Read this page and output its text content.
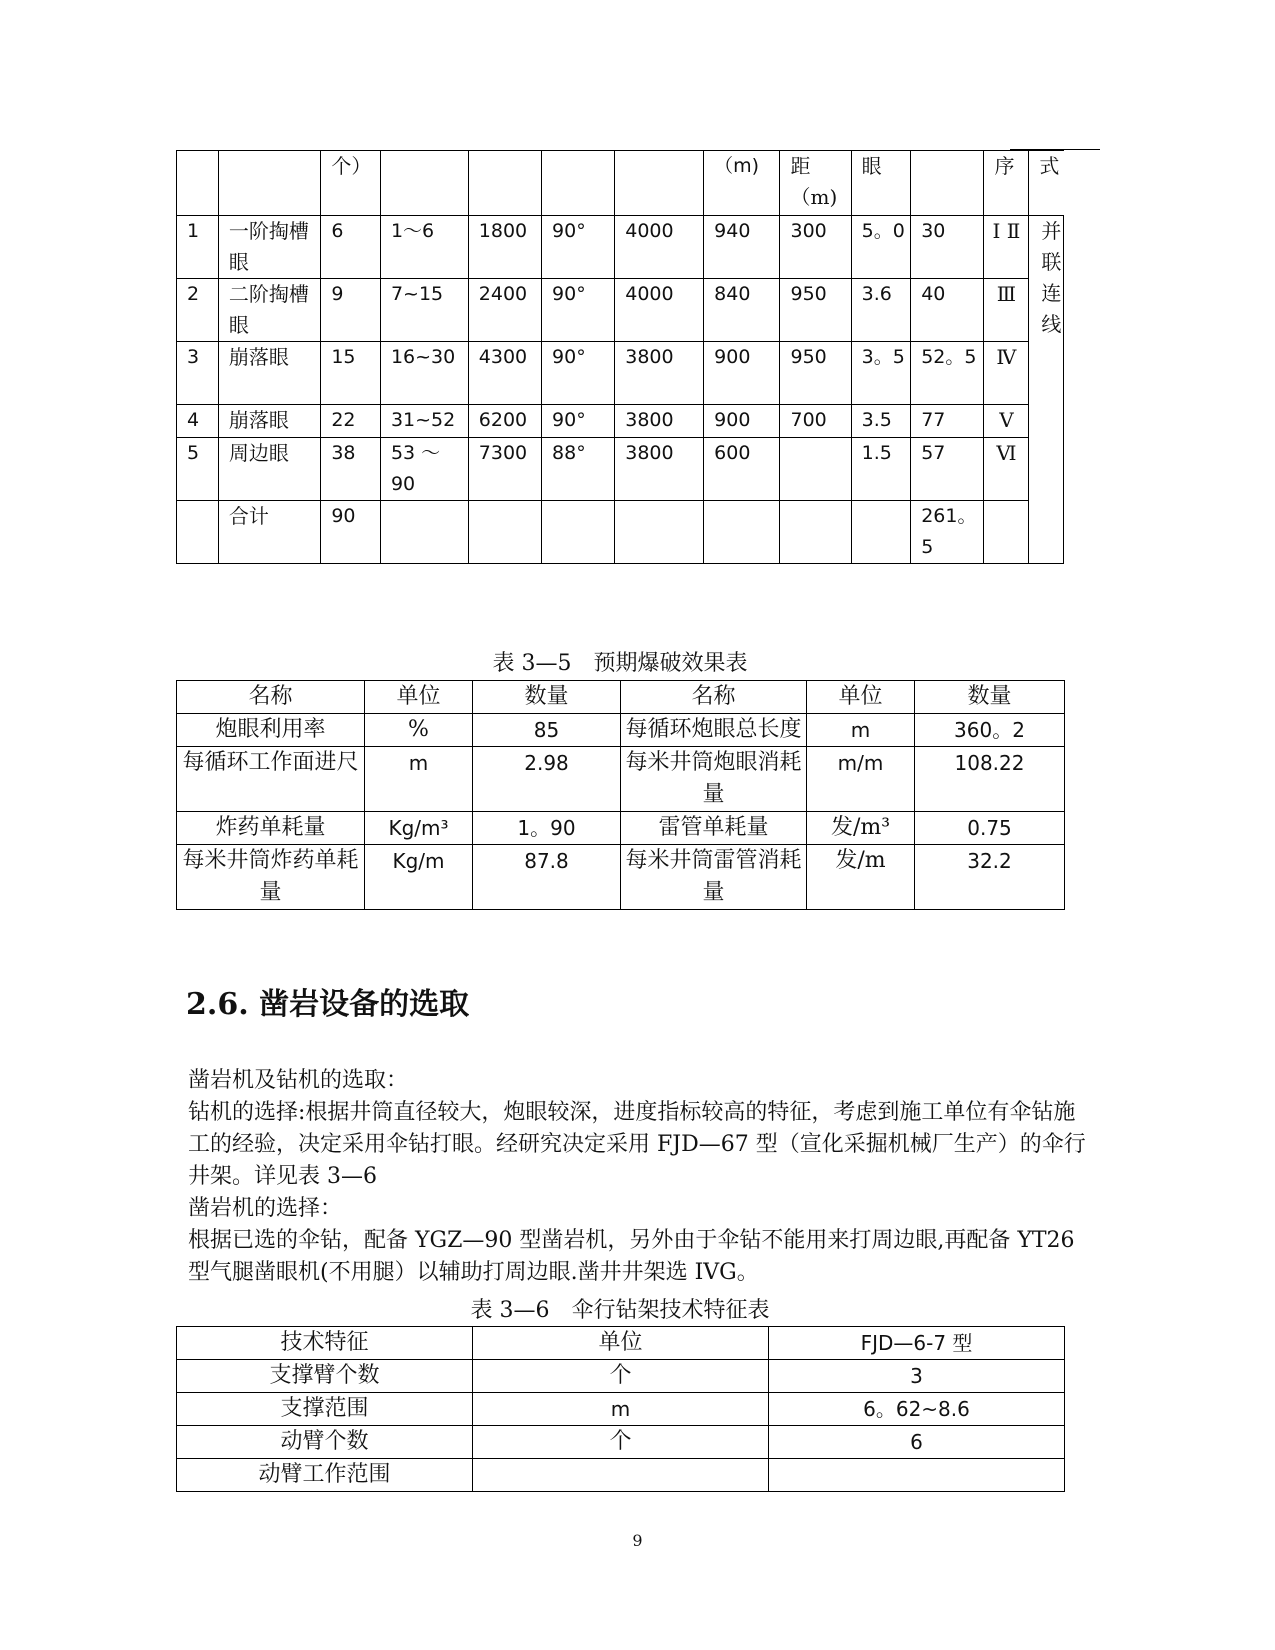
		个）					（m)	距 （m)	眼		序	式
1	一阶掏槽眼	6	1～6	1800	90°	4000	940	300	5。0	30	Ⅰ Ⅱ	并联连线
2	二阶掏槽眼	9	7~15	2400	90°	4000	840	950	3.6	40	Ⅲ	
3	崩落眼	15	16~30	4300	90°	3800	900	950	3。5	52。5	Ⅳ	
4	崩落眼	22	31~52	6200	90°	3800	900	700	3.5	77	Ⅴ	
5	周边眼	38	53 ～ 90	7300	88°	3800	600		1.5	57	Ⅵ	
	合计	90								261。5		
表 3—5　预期爆破效果表
名称	单位	数量	名称	单位	数量
炮眼利用率	%	85	每循环炮眼总长度	m	360。2
每循环工作面进尺	m	2.98	每米井筒炮眼消耗量	m/m	108.22
炸药单耗量	Kg/m³	1。90	雷管单耗量	发/m³	0.75
每米井筒炸药单耗量	Kg/m	87.8	每米井筒雷管消耗量	发/m	32.2
2.6. 凿岩设备的选取
凿岩机及钻机的选取：
钻机的选择:根据井筒直径较大，炮眼较深，进度指标较高的特征，考虑到施工单位有伞钻施工的经验，决定采用伞钻打眼。经研究决定采用 FJD—67 型（宣化采掘机械厂生产）的伞行井架。详见表 3—6
凿岩机的选择：
根据已选的伞钻，配备 YGZ—90 型凿岩机，另外由于伞钻不能用来打周边眼,再配备 YT26 型气腿凿眼机(不用腿）以辅助打周边眼.凿井井架选 IVG。
表 3—6　伞行钻架技术特征表
技术特征	单位	FJD—6-7 型
支撑臂个数	个	3
支撑范围	m	6。62~8.6
动臂个数	个	6
动臂工作范围		
9
